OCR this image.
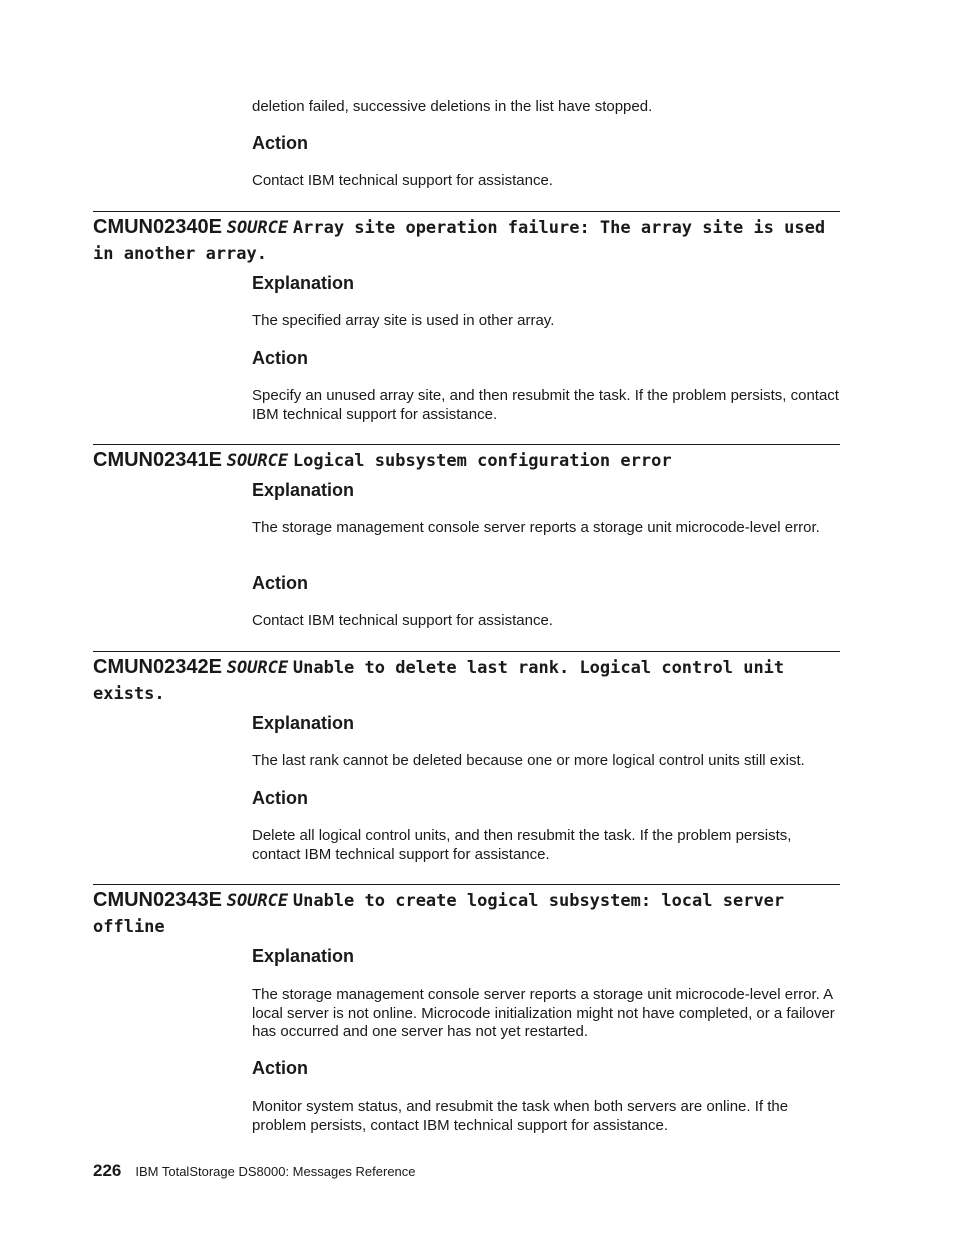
deletion failed, successive deletions in the list have stopped.

Action

Contact IBM technical support for assistance.

CMUN02340E SOURCE Array site operation failure: The array site is used in another array.
Explanation

The specified array site is used in other array.

Action

Specify an unused array site, and then resubmit the task. If the problem persists, contact IBM technical support for assistance.

CMUN02341E SOURCE Logical subsystem configuration error
Explanation

The storage management console server reports a storage unit microcode-level error.

Action

Contact IBM technical support for assistance.

CMUN02342E SOURCE Unable to delete last rank. Logical control unit exists.
Explanation

The last rank cannot be deleted because one or more logical control units still exist.

Action

Delete all logical control units, and then resubmit the task. If the problem persists, contact IBM technical support for assistance.

CMUN02343E SOURCE Unable to create logical subsystem: local server offline
Explanation

The storage management console server reports a storage unit microcode-level error. A local server is not online. Microcode initialization might not have completed, or a failover has occurred and one server has not yet restarted.

Action

Monitor system status, and resubmit the task when both servers are online. If the problem persists, contact IBM technical support for assistance.

226 IBM TotalStorage DS8000: Messages Reference
